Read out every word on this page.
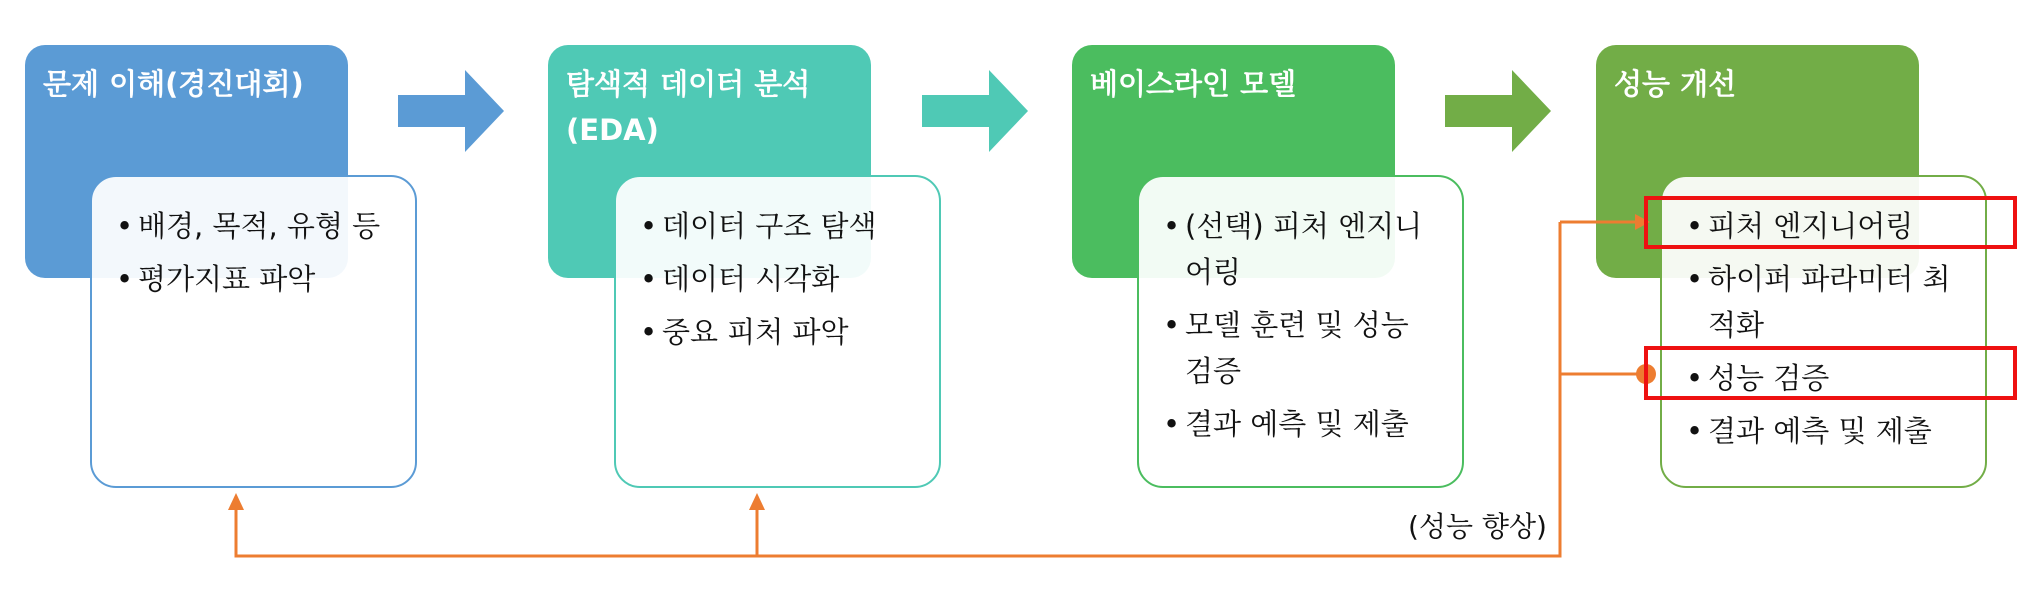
문제 이해(경진대회)
• 배경, 목적, 유형 등
• 평가지표 파악
탐색적 데이터 분석 (EDA)
• 데이터 구조 탐색
• 데이터 시각화
• 중요 피처 파악
베이스라인 모델
• (선택) 피처 엔지니어링
• 모델 훈련 및 성능 검증
• 결과 예측 및 제출
성능 개선
• 피처 엔지니어링
• 하이퍼 파라미터 최적화
• 성능 검증
• 결과 예측 및 제출
(성능 향상)
